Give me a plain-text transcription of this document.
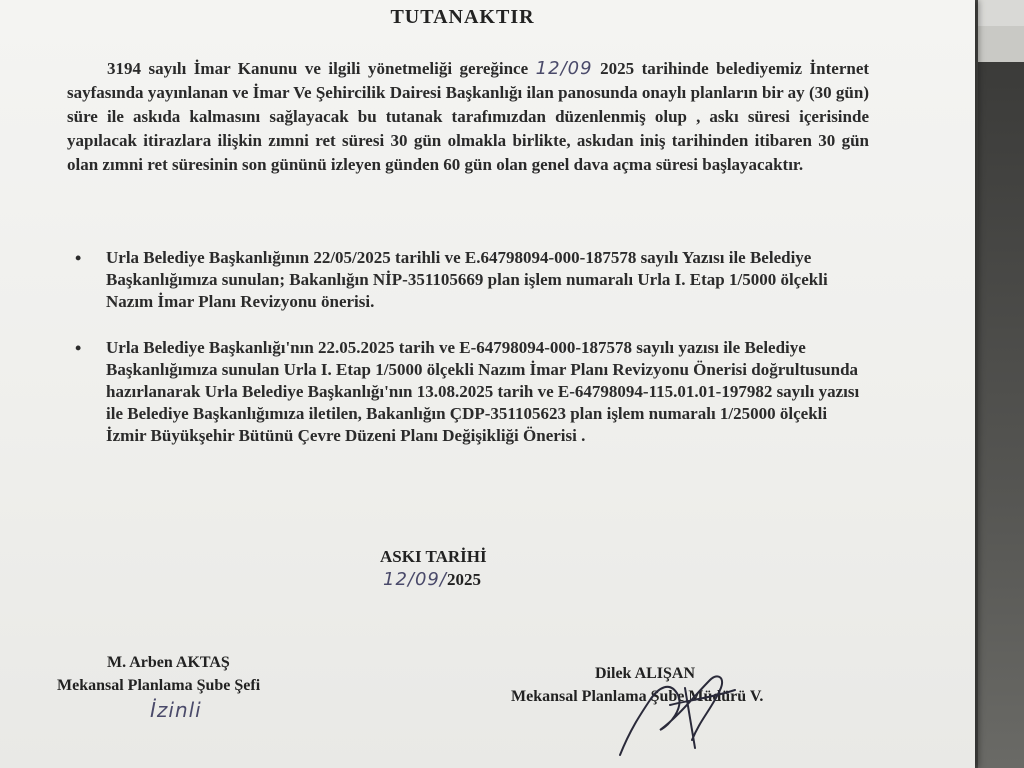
TUTANAKTIR
3194 sayılı İmar Kanunu ve ilgili yönetmeliği gereğince 12/09 2025 tarihinde belediyemiz İnternet sayfasında yayınlanan ve İmar Ve Şehircilik Dairesi Başkanlığı ilan panosunda onaylı planların bir ay (30 gün) süre ile askıda kalmasını sağlayacak bu tutanak tarafımızdan düzenlenmiş olup , askı süresi içerisinde yapılacak itirazlara ilişkin zımni ret süresi 30 gün olmakla birlikte, askıdan iniş tarihinden itibaren 30 gün olan zımni ret süresinin son gününü izleyen günden 60 gün olan genel dava açma süresi başlayacaktır.
• Urla Belediye Başkanlığının 22/05/2025 tarihli ve E.64798094-000-187578 sayılı Yazısı ile Belediye Başkanlığımıza sunulan; Bakanlığın NİP-351105669 plan işlem numaralı Urla I. Etap 1/5000 ölçekli Nazım İmar Planı Revizyonu önerisi.
• Urla Belediye Başkanlığı'nın 22.05.2025 tarih ve E-64798094-000-187578 sayılı yazısı ile Belediye Başkanlığımıza sunulan Urla I. Etap 1/5000 ölçekli Nazım İmar Planı Revizyonu Önerisi doğrultusunda hazırlanarak Urla Belediye Başkanlığı'nın 13.08.2025 tarih ve E-64798094-115.01.01-197982 sayılı yazısı ile Belediye Başkanlığımıza iletilen, Bakanlığın ÇDP-351105623 plan işlem numaralı 1/25000 ölçekli İzmir Büyükşehir Bütünü Çevre Düzeni Planı Değişikliği Önerisi .
ASKI TARİHİ
12/09/2025
M. Arben AKTAŞ
Mekansal Planlama Şube Şefi
İzinli
Dilek ALIŞAN
Mekansal Planlama Şube Müdürü V.
